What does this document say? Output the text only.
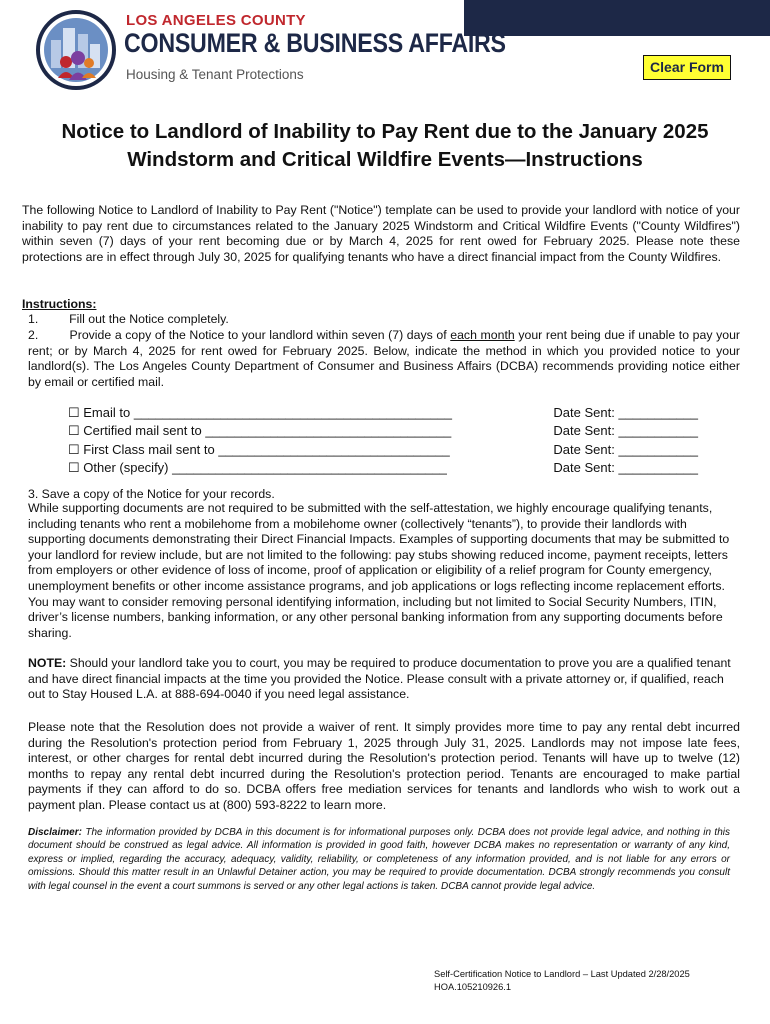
LOS ANGELES COUNTY
CONSUMER & BUSINESS AFFAIRS
Housing & Tenant Protections	Clear Form
Notice to Landlord of Inability to Pay Rent due to the January 2025 Windstorm and Critical Wildfire Events—Instructions
The following Notice to Landlord of Inability to Pay Rent ("Notice") template can be used to provide your landlord with notice of your inability to pay rent due to circumstances related to the January 2025 Windstorm and Critical Wildfire Events ("County Wildfires") within seven (7) days of your rent becoming due or by March 4, 2025 for rent owed for February 2025. Please note these protections are in effect through July 30, 2025 for qualifying tenants who have a direct financial impact from the County Wildfires.
Instructions:
1.	Fill out the Notice completely.
2.	Provide a copy of the Notice to your landlord within seven (7) days of each month your rent being due if unable to pay your rent; or by March 4, 2025 for rent owed for February 2025. Below, indicate the method in which you provided notice to your landlord(s). The Los Angeles County Department of Consumer and Business Affairs (DCBA) recommends providing notice either by email or certified mail.
☐ Email to ____________________________________________	Date Sent: ___________
☐ Certified mail sent to __________________________________	Date Sent: ___________
☐ First Class mail sent to ________________________________	Date Sent: ___________
☐ Other (specify) ______________________________________	Date Sent: ___________
3. Save a copy of the Notice for your records.
While supporting documents are not required to be submitted with the self-attestation, we highly encourage qualifying tenants, including tenants who rent a mobilehome from a mobilehome owner (collectively “tenants”), to provide their landlords with supporting documents demonstrating their Direct Financial Impacts. Examples of supporting documents that may be submitted to your landlord for review include, but are not limited to the following: pay stubs showing reduced income, payment receipts, letters from employers or other evidence of loss of income, proof of application or eligibility of a relief program for County emergency, unemployment benefits or other income assistance programs, and job applications or logs reflecting income replacement efforts. You may want to consider removing personal identifying information, including but not limited to Social Security Numbers, ITIN, driver’s license numbers, banking information, or any other personal banking information from any supporting documents before sharing.
NOTE: Should your landlord take you to court, you may be required to produce documentation to prove you are a qualified tenant and have direct financial impacts at the time you provided the Notice. Please consult with a private attorney or, if qualified, reach out to Stay Housed L.A. at 888-694-0040 if you need legal assistance.
Please note that the Resolution does not provide a waiver of rent. It simply provides more time to pay any rental debt incurred during the Resolution's protection period from February 1, 2025 through July 31, 2025. Landlords may not impose late fees, interest, or other charges for rental debt incurred during the Resolution's protection period. Tenants will have up to twelve (12) months to repay any rental debt incurred during the Resolution's protection period. Tenants are encouraged to make partial payments if they can afford to do so. DCBA offers free mediation services for tenants and landlords who wish to work out a payment plan. Please contact us at (800) 593-8222 to learn more.
Disclaimer: The information provided by DCBA in this document is for informational purposes only. DCBA does not provide legal advice, and nothing in this document should be construed as legal advice. All information is provided in good faith, however DCBA makes no representation or warranty of any kind, express or implied, regarding the accuracy, adequacy, validity, reliability, or completeness of any information provided, and is not liable for any errors or omissions. Should this matter result in an Unlawful Detainer action, you may be required to provide documentation. DCBA strongly recommends you consult with legal counsel in the event a court summons is served or any other legal actions is taken. DCBA cannot provide legal advice.
Self-Certification Notice to Landlord – Last Updated 2/28/2025
HOA.105210926.1
